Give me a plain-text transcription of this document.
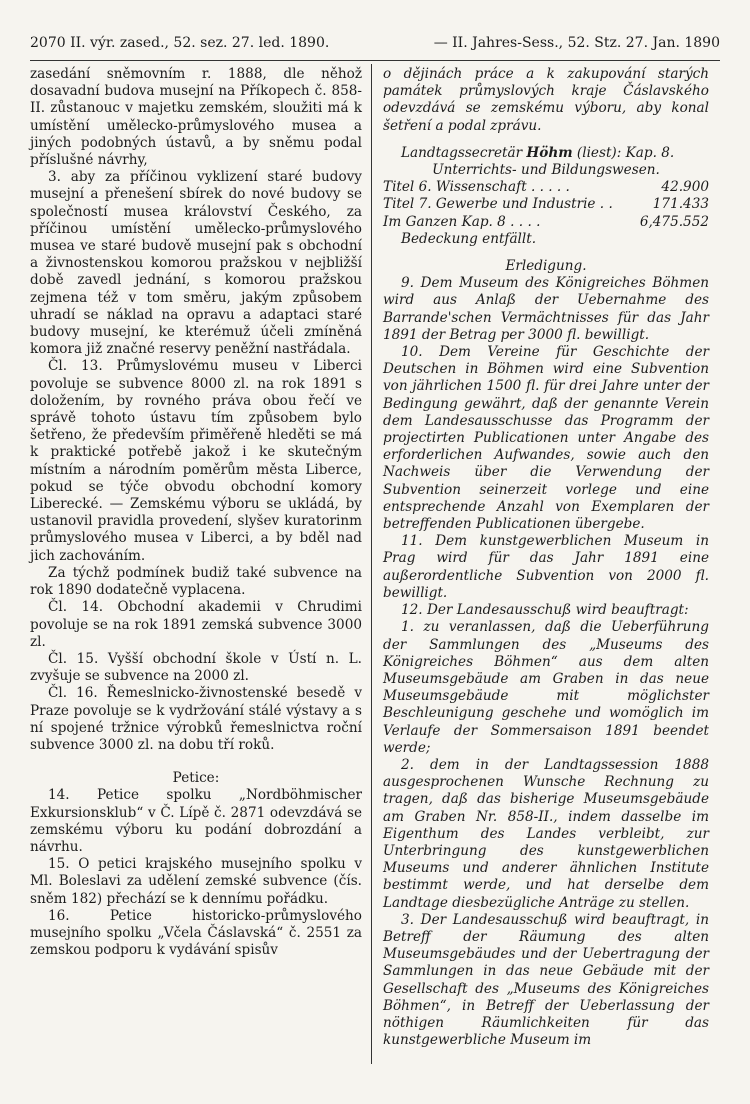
2070 II. výr. zased., 52. sez. 27. led. 1890.	— II. Jahres-Sess., 52. Stz. 27. Jan. 1890

zasedání sněmovním r. 1888, dle něhož dosavadní budova musejní na Příkopech č. 858-II. zůstanouc v majetku zemském, sloužiti má k umístění umělecko-průmyslového musea a jiných podobných ústavů, a by sněmu podal příslušné návrhy,

3. aby za příčinou vyklizení staré budovy musejní a přenešení sbírek do nové budovy se společností musea království Českého, za příčinou umístění umělecko-průmyslového musea ve staré budově musejní pak s obchodní a živnostenskou komorou pražskou v nejbližší době zavedl jednání, s komorou pražskou zejmena též v tom směru, jakým způsobem uhradí se náklad na opravu a adaptaci staré budovy musejní, ke kterémuž účeli zmíněná komora již značné reservy peněžní nastřádala.

Čl. 13. Průmyslovému museu v Liberci povoluje se subvence 8000 zl. na rok 1891 s doložením, by rovného práva obou řečí ve správě tohoto ústavu tím způsobem bylo šetřeno, že především přiměřeně hleděti se má k praktické potřebě jakož i ke skutečným místním a národním poměrům města Liberce, pokud se týče obvodu obchodní komory Liberecké. — Zemskému výboru se ukládá, by ustanovil pravidla provedení, slyšev kuratorinm průmyslového musea v Liberci, a by bděl nad jich zachováním.

Za týchž podmínek budiž také subvence na rok 1890 dodatečně vyplacena.

Čl. 14. Obchodní akademii v Chrudimi povoluje se na rok 1891 zemská subvence 3000 zl.

Čl. 15. Vyšší obchodní škole v Ústí n. L. zvyšuje se subvence na 2000 zl.

Čl. 16. Řemeslnicko-živnostenské besedě v Praze povoluje se k vydržování stálé výstavy a s ní spojené tržnice výrobků řemeslnictva roční subvence 3000 zl. na dobu tří roků.

Petice:

14. Petice spolku „Nordböhmischer Exkursionsklub“ v Č. Lípě č. 2871 odevzdává se zemskému výboru ku podání dobrozdání a návrhu.

15. O petici krajského musejního spolku v Ml. Boleslavi za udělení zemské subvence (čís. sněm 182) přechází se k dennímu pořádku.

16. Petice historicko-průmyslového musejního spolku „Včela Čáslavská“ č. 2551 za zemskou podporu k vydávání spisův

o dějinách práce a k zakupování starých památek průmyslových kraje Čáslavského odevzdává se zemskému výboru, aby konal šetření a podal zprávu.

Landtagssecretär Höhm (liest): Kap. 8.

Unterrichts- und Bildungswesen.

Titel 6. Wissenschaft . . . . .	42.900
Titel 7. Gewerbe und Industrie . .	171.433
Im Ganzen Kap. 8 . . . .	6,475.552

Bedeckung entfällt.

Erledigung.

9. Dem Museum des Königreiches Böhmen wird aus Anlaß der Uebernahme des Barrande'schen Vermächtnisses für das Jahr 1891 der Betrag per 3000 fl. bewilligt.

10. Dem Vereine für Geschichte der Deutschen in Böhmen wird eine Subvention von jährlichen 1500 fl. für drei Jahre unter der Bedingung gewährt, daß der genannte Verein dem Landesausschusse das Programm der projectirten Publicationen unter Angabe des erforderlichen Aufwandes, sowie auch den Nachweis über die Verwendung der Subvention seinerzeit vorlege und eine entsprechende Anzahl von Exemplaren der betreffenden Publicationen übergebe.

11. Dem kunstgewerblichen Museum in Prag wird für das Jahr 1891 eine außerordentliche Subvention von 2000 fl. bewilligt.

12. Der Landesausschuß wird beauftragt:

1. zu veranlassen, daß die Ueberführung der Sammlungen des „Museums des Königreiches Böhmen“ aus dem alten Museumsgebäude am Graben in das neue Museumsgebäude mit möglichster Beschleunigung geschehe und womöglich im Verlaufe der Sommersaison 1891 beendet werde;

2. dem in der Landtagssession 1888 ausgesprochenen Wunsche Rechnung zu tragen, daß das bisherige Museumsgebäude am Graben Nr. 858-II., indem dasselbe im Eigenthum des Landes verbleibt, zur Unterbringung des kunstgewerblichen Museums und anderer ähnlichen Institute bestimmt werde, und hat derselbe dem Landtage diesbezügliche Anträge zu stellen.

3. Der Landesausschuß wird beauftragt, in Betreff der Räumung des alten Museumsgebäudes und der Uebertragung der Sammlungen in das neue Gebäude mit der Gesellschaft des „Museums des Königreiches Böhmen“, in Betreff der Ueberlassung der nöthigen Räumlichkeiten für das kunstgewerbliche Museum im
